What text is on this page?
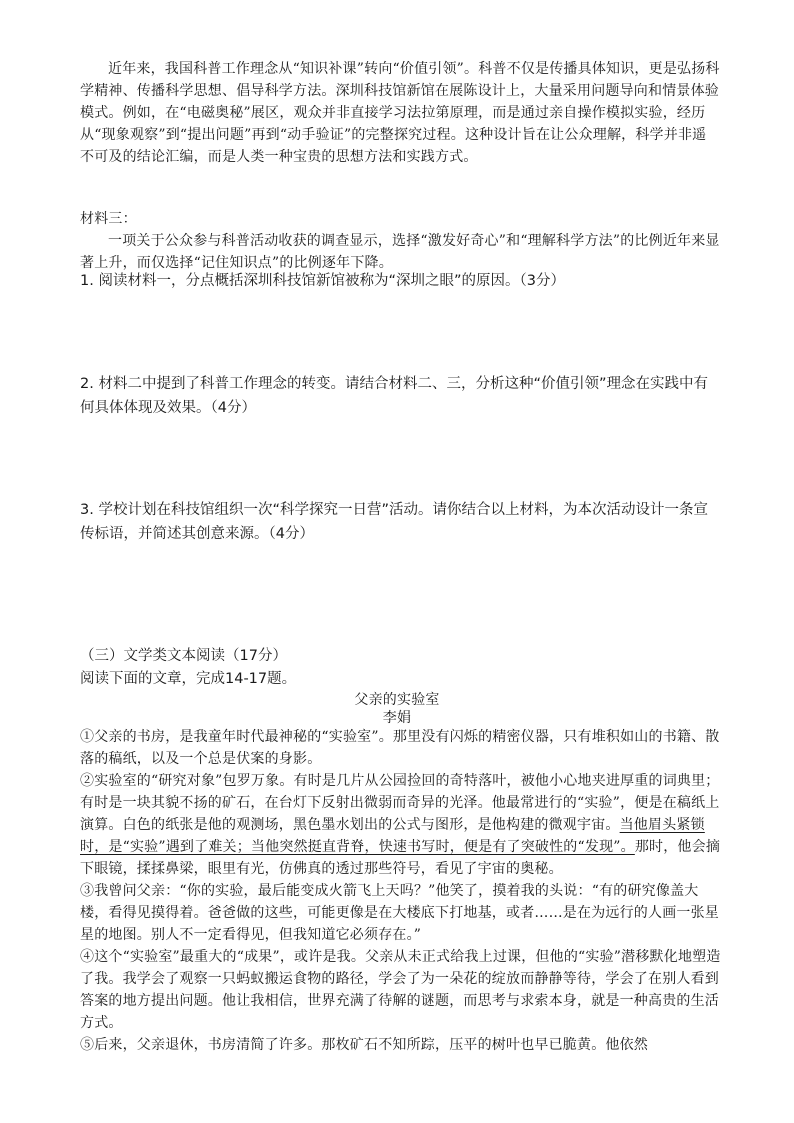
近年来，我国科普工作理念从“知识补课”转向“价值引领”。科普不仅是传播具体知识，更是弘扬科学精神、传播科学思想、倡导科学方法。深圳科技馆新馆在展陈设计上，大量采用问题导向和情景体验模式。例如，在“电磁奥秘”展区，观众并非直接学习法拉第原理，而是通过亲自操作模拟实验，经历从“现象观察”到“提出问题”再到“动手验证”的完整探究过程。这种设计旨在让公众理解，科学并非遥不可及的结论汇编，而是人类一种宝贵的思想方法和实践方式。

材料三：

一项关于公众参与科普活动收获的调查显示，选择“激发好奇心”和“理解科学方法”的比例近年来显著上升，而仅选择“记住知识点”的比例逐年下降。

1. 阅读材料一，分点概括深圳科技馆新馆被称为“深圳之眼”的原因。（3分）
2. 材料二中提到了科普工作理念的转变。请结合材料二、三，分析这种“价值引领”理念在实践中有何具体体现及效果。（4分）
3. 学校计划在科技馆组织一次“科学探究一日营”活动。请你结合以上材料，为本次活动设计一条宣传标语，并简述其创意来源。（4分）
（三）文学类文本阅读（17分）
阅读下面的文章，完成14-17题。
父亲的实验室
李娟

①父亲的书房，是我童年时代最神秘的“实验室”。那里没有闪烁的精密仪器，只有堆积如山的书籍、散落的稿纸，以及一个总是伏案的身影。

②实验室的“研究对象”包罗万象。有时是几片从公园捡回的奇特落叶，被他小心地夹进厚重的词典里；有时是一块其貌不扬的矿石，在台灯下反射出微弱而奇异的光泽。他最常进行的“实验”，便是在稿纸上演算。白色的纸张是他的观测场，黑色墨水划出的公式与图形，是他构建的微观宇宙。当他眉头紧锁时，是“实验”遇到了难关；当他突然挺直背脊，快速书写时，便是有了突破性的“发现”。那时，他会摘下眼镜，揉揉鼻梁，眼里有光，仿佛真的透过那些符号，看见了宇宙的奥秘。

③我曾问父亲：“你的实验，最后能变成火箭飞上天吗？”他笑了，摸着我的头说：“有的研究像盖大楼，看得见摸得着。爸爸做的这些，可能更像是在大楼底下打地基，或者……是在为远行的人画一张星星的地图。别人不一定看得见，但我知道它必须存在。”

④这个“实验室”最重大的“成果”，或许是我。父亲从未正式给我上过课，但他的“实验”潜移默化地塑造了我。我学会了观察一只蚂蚁搬运食物的路径，学会了为一朵花的绽放而静静等待，学会了在别人看到答案的地方提出问题。他让我相信，世界充满了待解的谜题，而思考与求索本身，就是一种高贵的生活方式。

⑤后来，父亲退休，书房清简了许多。那枚矿石不知所踪，压平的树叶也早已脆黄。他依然
